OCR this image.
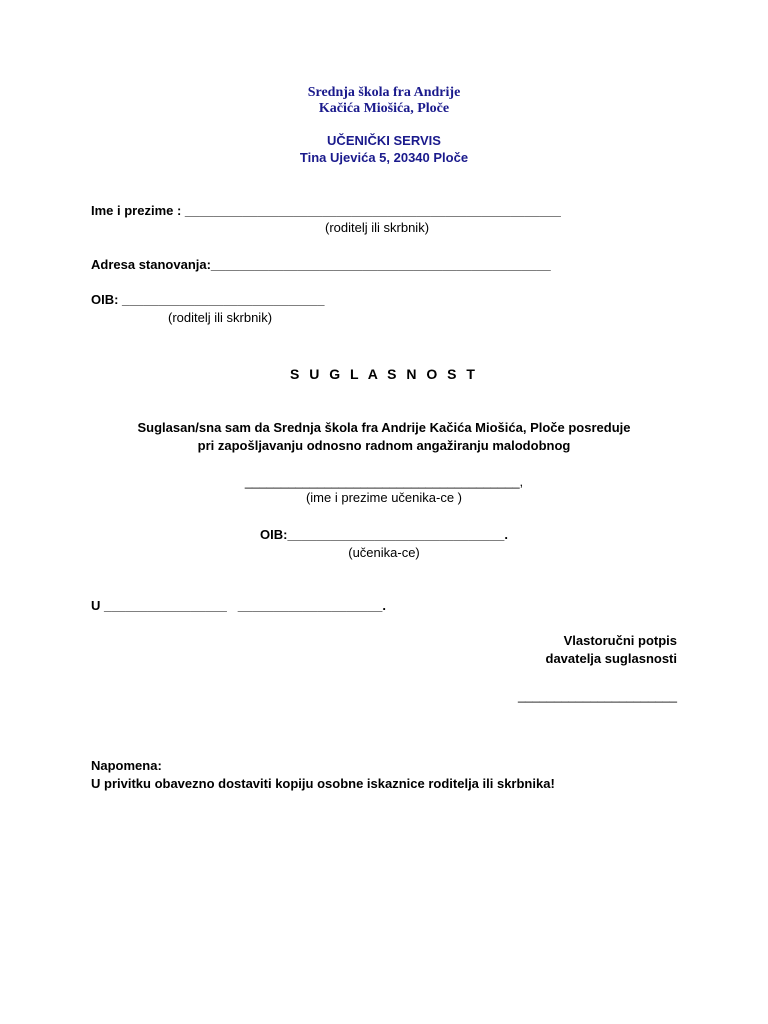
Srednja škola fra Andrije
Kačića Miošića, Ploče
UČENIČKI SERVIS
Tina Ujevića 5, 20340 Ploče
Ime i prezime : ____________________________________________________
(roditelj ili skrbnik)
Adresa stanovanja:_______________________________________________
OIB: ____________________________
(roditelj ili skrbnik)
S U G L A S N O S T
Suglasan/sna sam da Srednja škola fra Andrije Kačića Miošića, Ploče posreduje
pri zapošljavanju odnosno radnom angažiranju malodobnog
______________________________________,
(ime i prezime učenika-ce )
OIB:______________________________.
(učenika-ce)
U _________________   ____________________.
Vlastoručni potpis
davatelja suglasnosti
______________________
Napomena:
U privitku obavezno dostaviti kopiju osobne iskaznice roditelja ili skrbnika!
